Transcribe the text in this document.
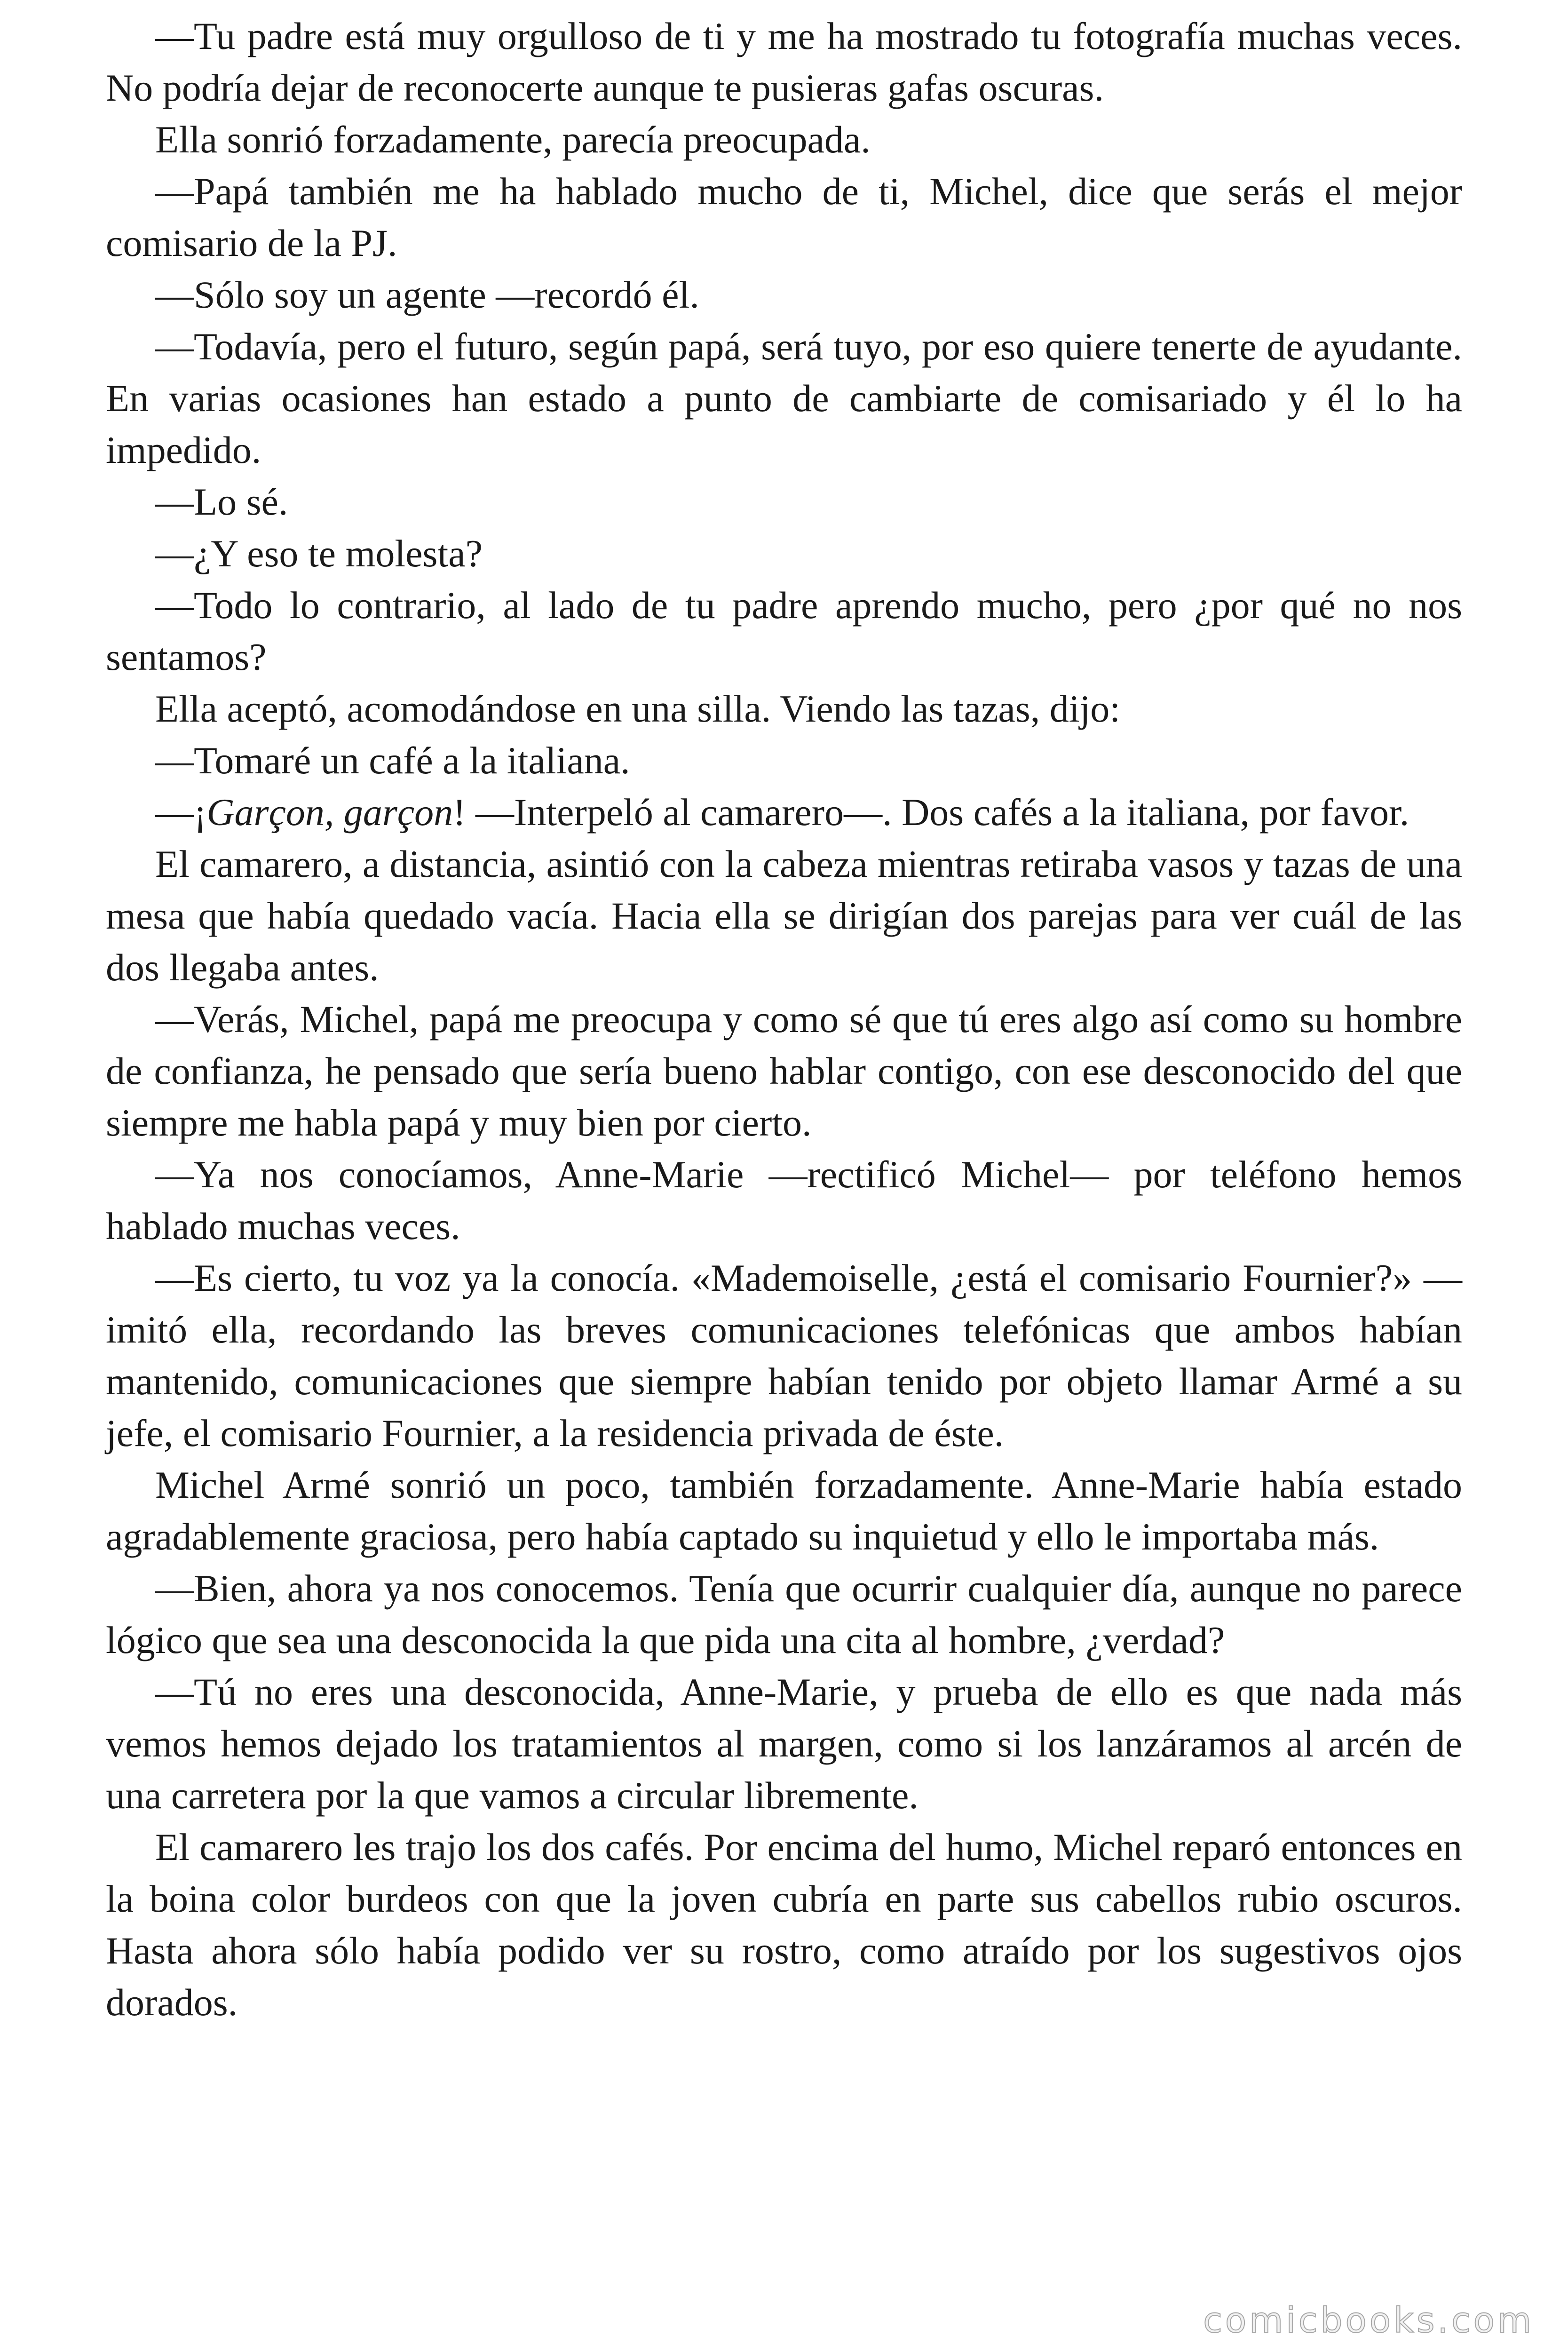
—Tu padre está muy orgulloso de ti y me ha mostrado tu fotografía muchas veces. No podría dejar de reconocerte aunque te pusieras gafas oscuras.

Ella sonrió forzadamente, parecía preocupada.

—Papá también me ha hablado mucho de ti, Michel, dice que serás el mejor comisario de la PJ.

—Sólo soy un agente —recordó él.

—Todavía, pero el futuro, según papá, será tuyo, por eso quiere tenerte de ayudante. En varias ocasiones han estado a punto de cambiarte de comisariado y él lo ha impedido.

—Lo sé.

—¿Y eso te molesta?

—Todo lo contrario, al lado de tu padre aprendo mucho, pero ¿por qué no nos sentamos?

Ella aceptó, acomodándose en una silla. Viendo las tazas, dijo:

—Tomaré un café a la italiana.

—¡Garçon, garçon! —Interpeló al camarero—. Dos cafés a la italiana, por favor.

El camarero, a distancia, asintió con la cabeza mientras retiraba vasos y tazas de una mesa que había quedado vacía. Hacia ella se dirigían dos parejas para ver cuál de las dos llegaba antes.

—Verás, Michel, papá me preocupa y como sé que tú eres algo así como su hombre de confianza, he pensado que sería bueno hablar contigo, con ese desconocido del que siempre me habla papá y muy bien por cierto.

—Ya nos conocíamos, Anne-Marie —rectificó Michel— por teléfono hemos hablado muchas veces.

—Es cierto, tu voz ya la conocía. «Mademoiselle, ¿está el comisario Fournier?» —imitó ella, recordando las breves comunicaciones telefónicas que ambos habían mantenido, comunicaciones que siempre habían tenido por objeto llamar Armé a su jefe, el comisario Fournier, a la residencia privada de éste.

Michel Armé sonrió un poco, también forzadamente. Anne-Marie había estado agradablemente graciosa, pero había captado su inquietud y ello le importaba más.

—Bien, ahora ya nos conocemos. Tenía que ocurrir cualquier día, aunque no parece lógico que sea una desconocida la que pida una cita al hombre, ¿verdad?

—Tú no eres una desconocida, Anne-Marie, y prueba de ello es que nada más vemos hemos dejado los tratamientos al margen, como si los lanzáramos al arcén de una carretera por la que vamos a circular libremente.

El camarero les trajo los dos cafés. Por encima del humo, Michel reparó entonces en la boina color burdeos con que la joven cubría en parte sus cabellos rubio oscuros. Hasta ahora sólo había podido ver su rostro, como atraído por los sugestivos ojos dorados.

comicbooks.com
